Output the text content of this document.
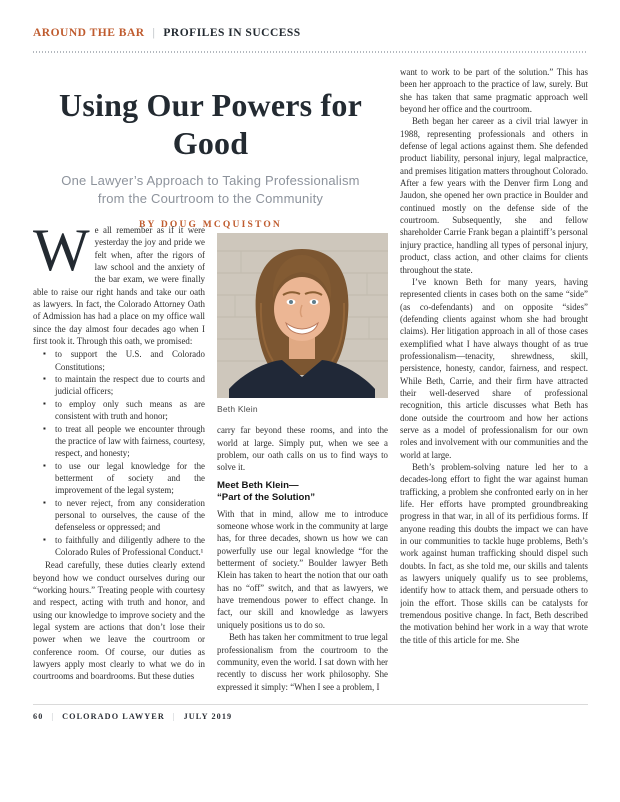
AROUND THE BAR | PROFILES IN SUCCESS
Using Our Powers for Good
One Lawyer’s Approach to Taking Professionalism
from the Courtroom to the Community
BY DOUG MCQUISTON

We all remember as if it were yesterday the joy and pride we felt when, after the rigors of law school and the anxiety of the bar exam, we were finally able to raise our right hands and take our oath as lawyers. In fact, the Colorado Attorney Oath of Admission has had a place on my office wall since the day almost four decades ago when I first took it. Through this oath, we promised:

▪ to support the U.S. and Colorado Constitutions;
▪ to maintain the respect due to courts and judicial officers;
▪ to employ only such means as are consistent with truth and honor;
▪ to treat all people we encounter through the practice of law with fairness, courtesy, respect, and honesty;
▪ to use our legal knowledge for the betterment of society and the improvement of the legal system;
▪ to never reject, from any consideration personal to ourselves, the cause of the defenseless or oppressed; and
▪ to faithfully and diligently adhere to the Colorado Rules of Professional Conduct.¹

Read carefully, these duties clearly extend beyond how we conduct ourselves during our “working hours.” Treating people with courtesy and respect, acting with truth and honor, and using our knowledge to improve society and the legal system are actions that don’t lose their power when we leave the courtroom or conference room. Of course, our duties as lawyers apply most clearly to what we do in courtrooms and boardrooms. But these duties

Beth Klein

carry far beyond these rooms, and into the world at large. Simply put, when we see a problem, our oath calls on us to find ways to solve it.

Meet Beth Klein—
“Part of the Solution”

With that in mind, allow me to introduce someone whose work in the community at large has, for three decades, shown us how we can powerfully use our legal knowledge “for the betterment of society.” Boulder lawyer Beth Klein has taken to heart the notion that our oath has no “off” switch, and that as lawyers, we have tremendous power to effect change. In fact, our skill and knowledge as lawyers uniquely positions us to do so.

Beth has taken her commitment to true legal professionalism from the courtroom to the community, even the world. I sat down with her recently to discuss her work philosophy. She expressed it simply: “When I see a problem, I

want to work to be part of the solution.” This has been her approach to the practice of law, surely. But she has taken that same pragmatic approach well beyond her office and the courtroom.

Beth began her career as a civil trial lawyer in 1988, representing professionals and others in defense of legal actions against them. She defended product liability, personal injury, legal malpractice, and premises litigation matters throughout Colorado. After a few years with the Denver firm Long and Jaudon, she opened her own practice in Boulder and continued mostly on the defense side of the courtroom. Subsequently, she and fellow shareholder Carrie Frank began a plaintiff’s personal injury practice, handling all types of personal injury, product, class action, and other claims for clients throughout the state.

I’ve known Beth for many years, having represented clients in cases both on the same “side” (as co-defendants) and on opposite “sides” (defending clients against whom she had brought claims). Her litigation approach in all of those cases exemplified what I have always thought of as true professionalism—tenacity, shrewdness, skill, persistence, honesty, candor, fairness, and respect. While Beth, Carrie, and their firm have attracted their well-deserved share of professional recognition, this article discusses what Beth has done outside the courtroom and how her actions serve as a model of professionalism for our own roles and involvement with our communities and the world at large.

Beth’s problem-solving nature led her to a decades-long effort to fight the war against human trafficking, a problem she confronted early on in her life. Her efforts have prompted groundbreaking progress in that war, in all of its perfidious forms. If anyone reading this doubts the impact we can have in our communities to tackle huge problems, Beth’s work against human trafficking should dispel such doubts. In fact, as she told me, our skills and talents as lawyers uniquely qualify us to see problems, identify how to attack them, and persuade others to join the effort. Those skills can be catalysts for tremendous positive change. In fact, Beth described the motivation behind her work in a way that wrote the title of this article for me. She

60 | COLORADO LAWYER | JULY 2019
